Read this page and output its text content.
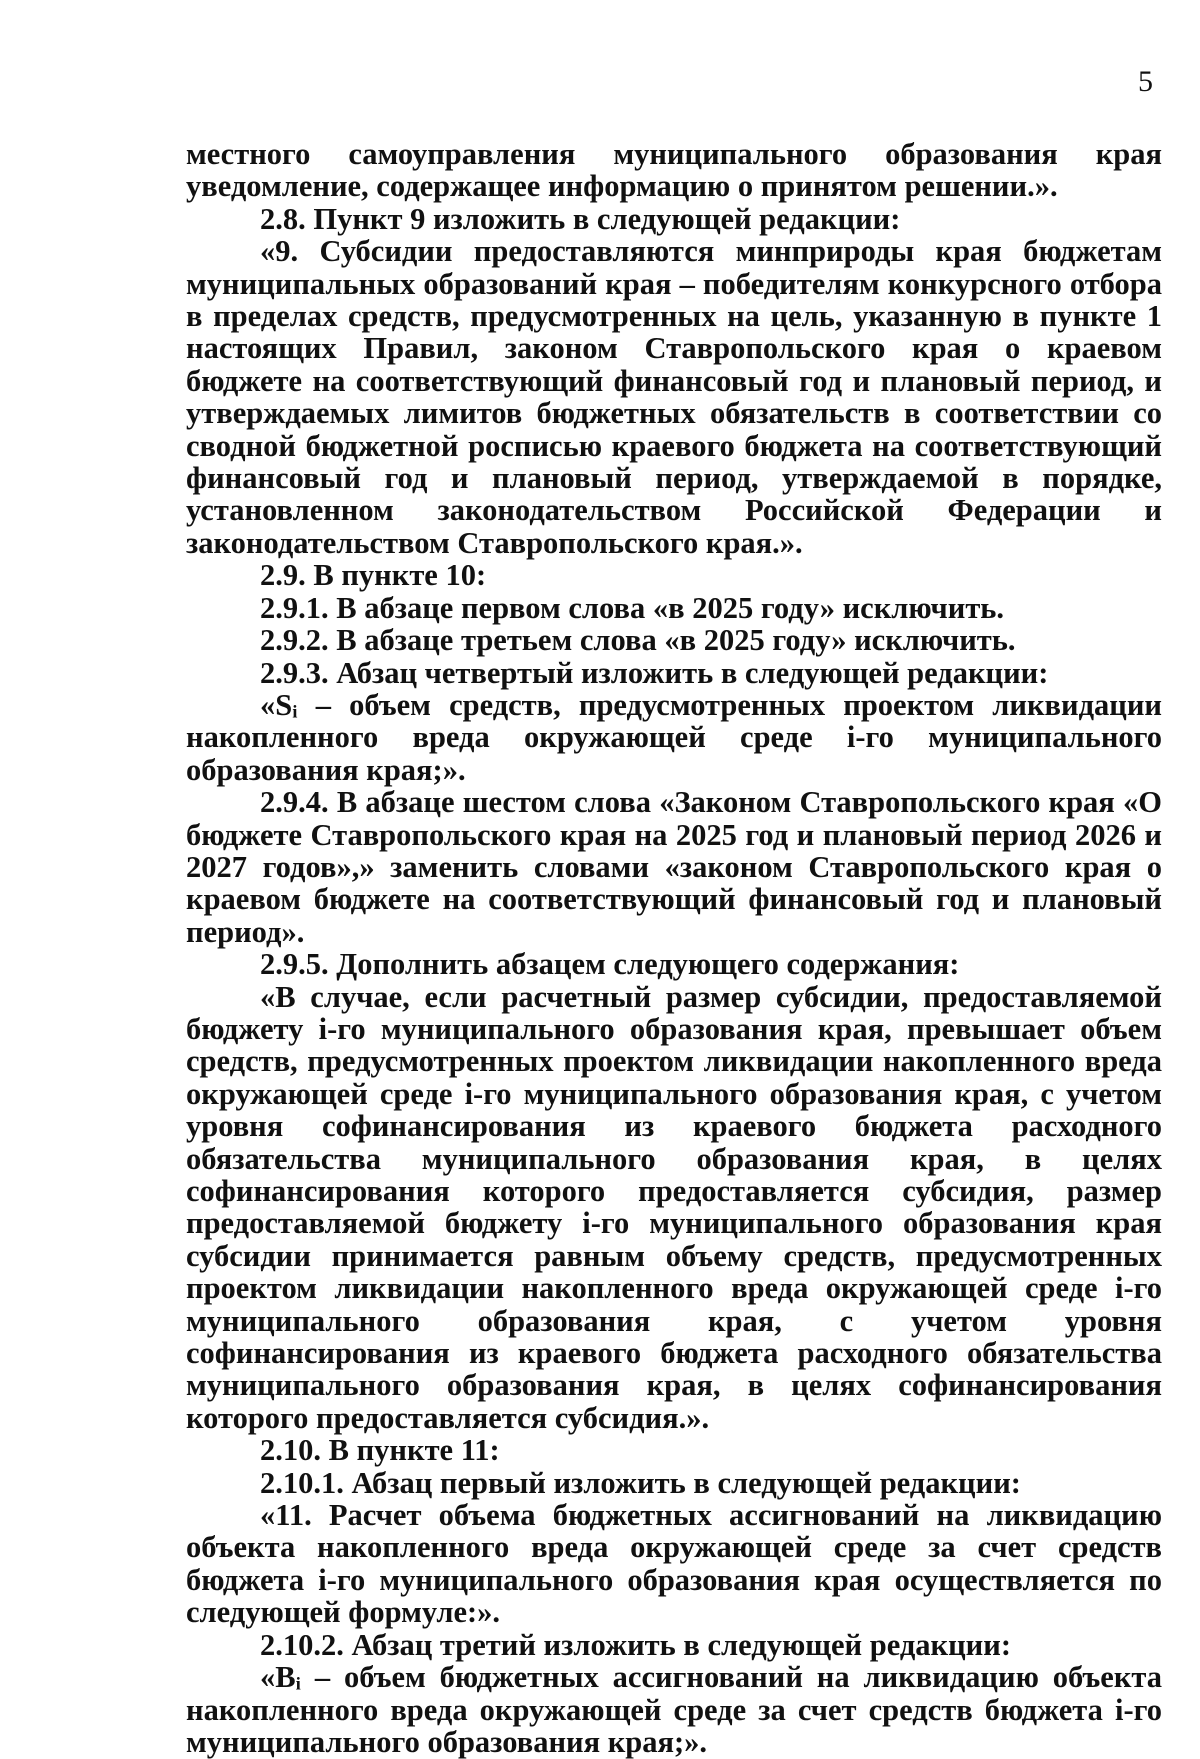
5

местного самоуправления муниципального образования края уведомление, содержащее информацию о принятом решении.».

2.8. Пункт 9 изложить в следующей редакции:

«9. Субсидии предоставляются минприроды края бюджетам муниципальных образований края – победителям конкурсного отбора в пределах средств, предусмотренных на цель, указанную в пункте 1 настоящих Правил, законом Ставропольского края о краевом бюджете на соответствующий финансовый год и плановый период, и утверждаемых лимитов бюджетных обязательств в соответствии со сводной бюджетной росписью краевого бюджета на соответствующий финансовый год и плановый период, утверждаемой в порядке, установленном законодательством Российской Федерации и законодательством Ставропольского края.».

2.9. В пункте 10:

2.9.1. В абзаце первом слова «в 2025 году» исключить.

2.9.2. В абзаце третьем слова «в 2025 году» исключить.

2.9.3. Абзац четвертый изложить в следующей редакции:

«Sᵢ – объем средств, предусмотренных проектом ликвидации накопленного вреда окружающей среде i-го муниципального образования края;».

2.9.4. В абзаце шестом слова «Законом Ставропольского края «О бюджете Ставропольского края на 2025 год и плановый период 2026 и 2027 годов»,» заменить словами «законом Ставропольского края о краевом бюджете на соответствующий финансовый год и плановый период».

2.9.5. Дополнить абзацем следующего содержания:

«В случае, если расчетный размер субсидии, предоставляемой бюджету i-го муниципального образования края, превышает объем средств, предусмотренных проектом ликвидации накопленного вреда окружающей среде i-го муниципального образования края, с учетом уровня софинансирования из краевого бюджета расходного обязательства муниципального образования края, в целях софинансирования которого предоставляется субсидия, размер предоставляемой бюджету i-го муниципального образования края субсидии принимается равным объему средств, предусмотренных проектом ликвидации накопленного вреда окружающей среде i-го муниципального образования края, с учетом уровня софинансирования из краевого бюджета расходного обязательства муниципального образования края, в целях софинансирования которого предоставляется субсидия.».

2.10. В пункте 11:

2.10.1. Абзац первый изложить в следующей редакции:

«11. Расчет объема бюджетных ассигнований на ликвидацию объекта накопленного вреда окружающей среде за счет средств бюджета i-го муниципального образования края осуществляется по следующей формуле:».

2.10.2. Абзац третий изложить в следующей редакции:

«Bᵢ – объем бюджетных ассигнований на ликвидацию объекта накопленного вреда окружающей среде за счет средств бюджета i-го муниципального образования края;».
